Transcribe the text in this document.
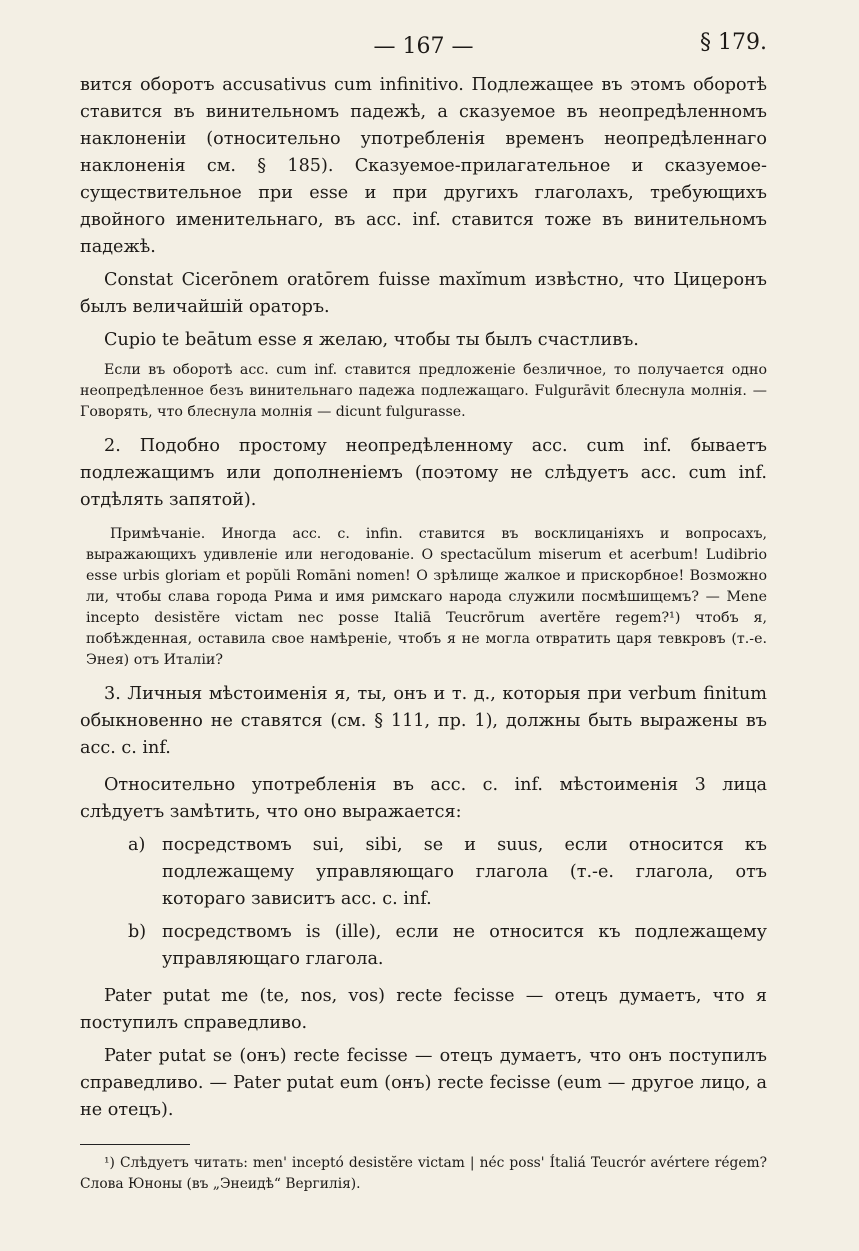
— 167 —	§ 179.

вится оборотъ accusativus cum infinitivo. Подлежащее въ этомъ оборотѣ ставится въ винительномъ падежѣ, а сказуемое въ неопредѣленномъ наклоненіи (относительно употребленія временъ неопредѣленнаго наклоненія см. § 185). Сказуемое-прилагательное и сказуемое-существительное при esse и при другихъ глаголахъ, требующихъ двойного именительнаго, въ acc. inf. ставится тоже въ винительномъ падежѣ.

Constat Cicerōnem oratōrem fuisse maxĭmum извѣстно, что Цицеронъ былъ величайшій ораторъ.

Cupio te beātum esse я желаю, чтобы ты былъ счастливъ.

Если въ оборотѣ acc. cum inf. ставится предложеніе безличное, то получается одно неопредѣленное безъ винительнаго падежа подлежащаго. Fulgurāvit блеснула молнія. — Говорять, что блеснула молнія — dicunt fulgurasse.

2. Подобно простому неопредѣленному acc. cum inf. бываетъ подлежащимъ или дополненіемъ (поэтому не слѣдуетъ acc. cum inf. отдѣлять запятой).

Примѣчаніе. Иногда acc. c. infin. ставится въ восклицаніяхъ и вопросахъ, выражающихъ удивленіе или негодованіе. O spectacŭlum miserum et acerbum! Ludibrio esse urbis gloriam et popŭli Romāni nomen! О зрѣлище жалкое и прискорбное! Возможно ли, чтобы слава города Рима и имя римскаго народа служили посмѣшищемъ? — Mene incepto desistĕre victam nec posse Italiā Teucrōrum avertĕre regem?¹) чтобъ я, побѣжденная, оставила свое намѣреніе, чтобъ я не могла отвратить царя тевкровъ (т.-е. Энея) отъ Италіи?

3. Личныя мѣстоименія я, ты, онъ и т. д., которыя при verbum finitum обыкновенно не ставятся (см. § 111, пр. 1), должны быть выражены въ acc. c. inf.

Относительно употребленія въ acc. c. inf. мѣстоименія 3 лица слѣдуетъ замѣтить, что оно выражается:

a) посредствомъ sui, sibi, se и suus, если относится къ подлежащему управляющаго глагола (т.-е. глагола, отъ котораго зависитъ acc. c. inf.
b) посредствомъ is (ille), если не относится къ подлежащему управляющаго глагола.

Pater putat me (te, nos, vos) recte fecisse — отецъ думаетъ, что я поступилъ справедливо.

Pater putat se (онъ) recte fecisse — отецъ думаетъ, что онъ поступилъ справедливо. — Pater putat eum (онъ) recte fecisse (eum — другое лицо, а не отецъ).

¹) Слѣдуетъ читать: men' inceptó desistĕre victam | néc poss' Ítaliá Teucrór avértere régem? Слова Юноны (въ „Энеидѣ“ Вергилія).
